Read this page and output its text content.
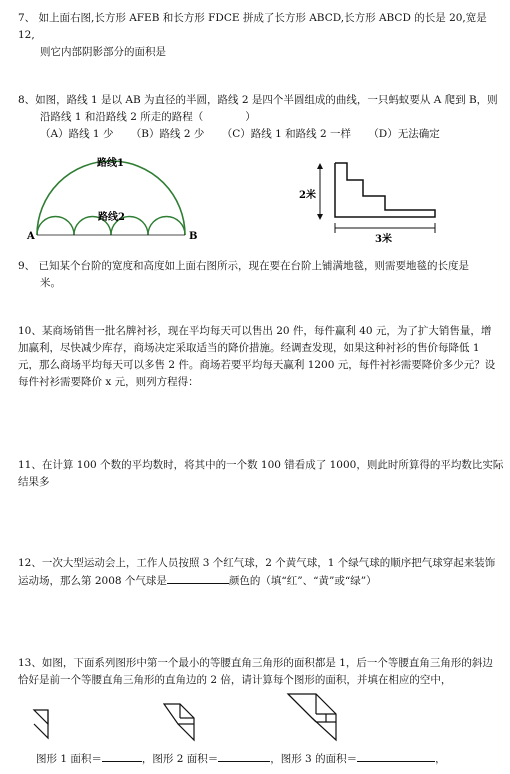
7、 如上面右图,长方形 AFEB 和长方形 FDCE 拼成了长方形 ABCD,长方形 ABCD 的长是 20,宽是 12,

则它内部阴影部分的面积是

8、如图，路线 1 是以 AB 为直径的半圆，路线 2 是四个半圆组成的曲线，一只蚂蚁要从 A 爬到 B，则

沿路线 1 和沿路线 2 所走的路程（　　　　）

（A）路线 1 少 （B）路线 2 少 （C）路线 1 和路线 2 一样 （D）无法确定

路线1
路线2
A	B
2米
3米

9、 已知某个台阶的宽度和高度如上面右图所示，现在要在台阶上铺满地毯，则需要地毯的长度是

米。

10、某商场销售一批名牌衬衫，现在平均每天可以售出 20 件，每件赢利 40 元，为了扩大销售量，增

加赢利，尽快减少库存，商场决定采取适当的降价措施。经调查发现，如果这种衬衫的售价每降低 1

元，那么商场平均每天可以多售 2 件。商场若要平均每天赢利 1200 元，每件衬衫需要降价多少元？设

每件衬衫需要降价 x 元，则列方程得：

11、在计算 100 个数的平均数时，将其中的一个数 100 错看成了 1000，则此时所算得的平均数比实际

结果多

12、一次大型运动会上，工作人员按照 3 个红气球，2 个黄气球，1 个绿气球的顺序把气球穿起来装饰

运动场，那么第 2008 个气球是	颜色的（填“红”、“黄”或“绿”）

13、如图，下面系列图形中第一个最小的等腰直角三角形的面积都是 1，后一个等腰直角三角形的斜边

恰好是前一个等腰直角三角形的直角边的 2 倍，请计算每个图形的面积，并填在相应的空中，

图形 1 面积＝	，图形 2 面积＝	，图形 3 的面积＝	，
